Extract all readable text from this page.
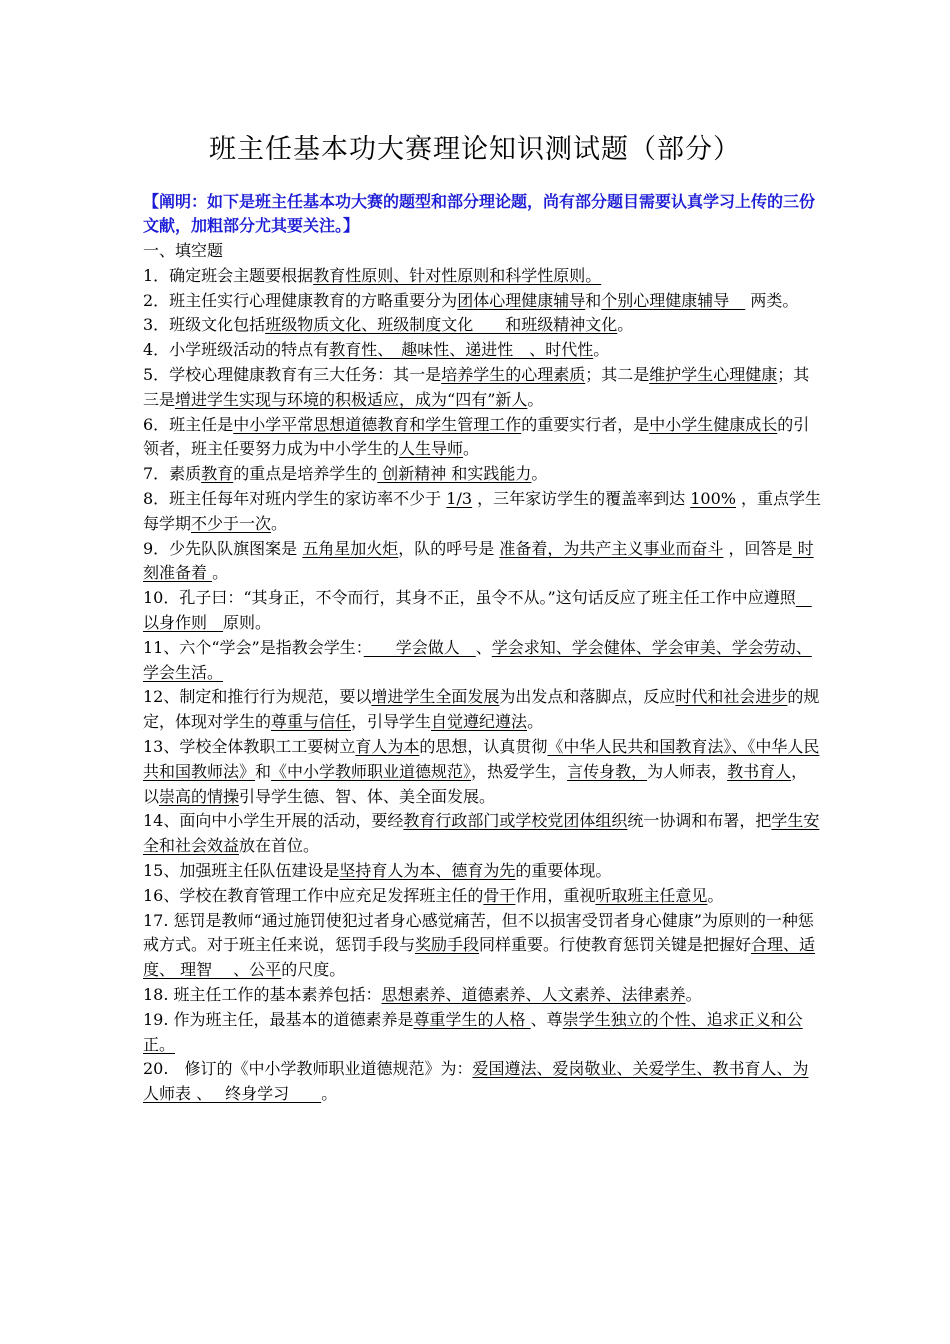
班主任基本功大赛理论知识测试题（部分）
【阐明：如下是班主任基本功大赛的题型和部分理论题，尚有部分题目需要认真学习上传的三份文献，加粗部分尤其要关注。】

一、填空题

1．确定班会主题要根据教育性原则、针对性原则和科学性原则。

2．班主任实行心理健康教育的方略重要分为团体心理健康辅导和个别心理健康辅导　 两类。

3．班级文化包括班级物质文化、班级制度文化　　和班级精神文化。

4．小学班级活动的特点有教育性、　趣味性、递进性　、时代性。

5．学校心理健康教育有三大任务：其一是培养学生的心理素质；其二是维护学生心理健康；其三是增进学生实现与环境的积极适应，成为“四有”新人。

6．班主任是中小学平常思想道德教育和学生管理工作的重要实行者，是中小学生健康成长的引领者，班主任要努力成为中小学生的人生导师。

7．素质教育的重点是培养学生的 创新精神 和实践能力。

8．班主任每年对班内学生的家访率不少于 1/3 ，三年家访学生的覆盖率到达 100% ，重点学生每学期不少于一次。

9．少先队队旗图案是 五角星加火炬，队的呼号是 准备着，为共产主义事业而奋斗 ，回答是 时刻准备着 。

10．孔子曰：“其身正，不令而行，其身不正，虽令不从。”这句话反应了班主任工作中应遵照　 以身作则　原则。

11、六个“学会”是指教会学生：　　学会做人　、学会求知、学会健体、学会审美、学会劳动、学会生活。

12、制定和推行行为规范，要以增进学生全面发展为出发点和落脚点，反应时代和社会进步的规定，体现对学生的尊重与信任，引导学生自觉遵纪遵法。

13、学校全体教职工工要树立育人为本的思想，认真贯彻《中华人民共和国教育法》、《中华人民共和国教师法》和《中小学教师职业道德规范》，热爱学生，言传身教，为人师表，教书育人，以崇高的情操引导学生德、智、体、美全面发展。

14、面向中小学生开展的活动，要经教育行政部门或学校党团体组织统一协调和布署，把学生安全和社会效益放在首位。

15、加强班主任队伍建设是坚持育人为本、德育为先的重要体现。

16、学校在教育管理工作中应充足发挥班主任的骨干作用，重视听取班主任意见。

17. 惩罚是教师“通过施罚使犯过者身心感觉痛苦，但不以损害受罚者身心健康”为原则的一种惩戒方式。对于班主任来说，惩罚手段与奖励手段同样重要。行使教育惩罚关键是把握好合理、适度、 理智　 、公平的尺度。

18. 班主任工作的基本素养包括：思想素养、道德素养、人文素养、法律素养。

19. 作为班主任，最基本的道德素养是尊重学生的人格 、尊崇学生独立的个性、追求正义和公正。

20.　修订的《中小学教师职业道德规范》为：爱国遵法、爱岗敬业、关爱学生、教书育人、为人师表 、　 终身学习　　。
